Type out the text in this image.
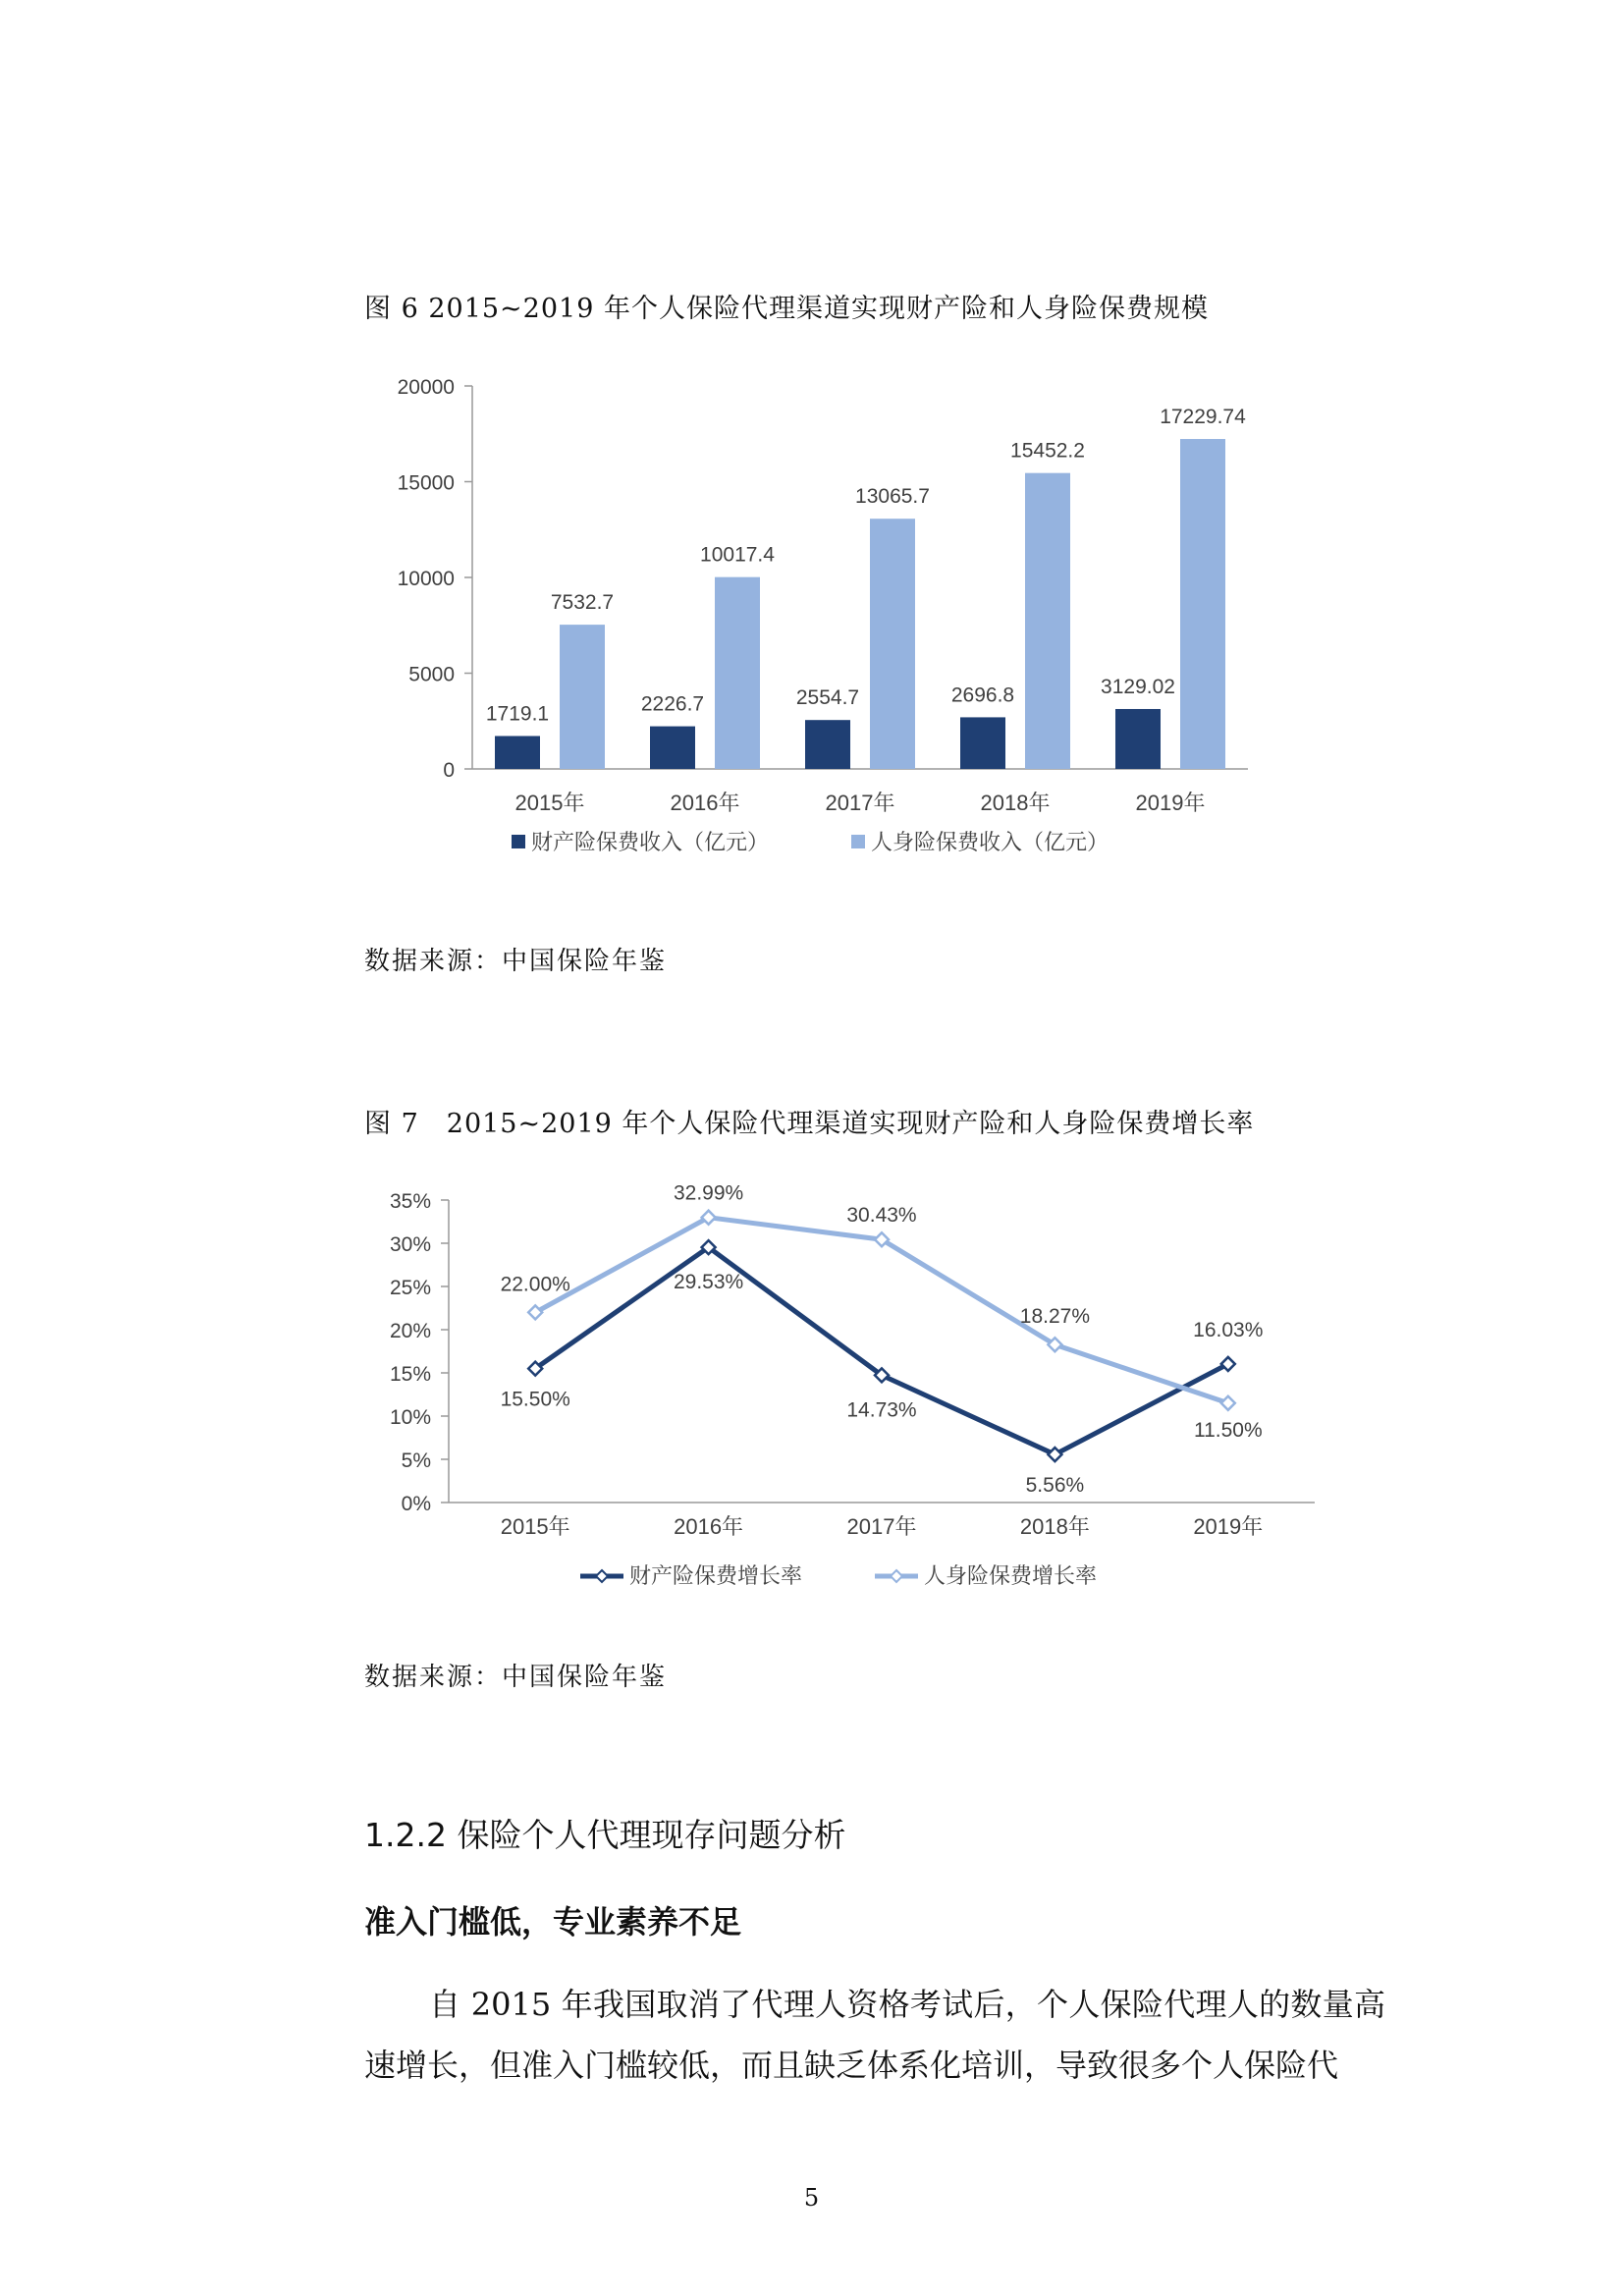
图 6 2015~2019 年个人保险代理渠道实现财产险和人身险保费规模
0
5000
10000
15000
20000
2015年
1719.1
7532.7
2016年
2226.7
10017.4
2017年
2554.7
13065.7
2018年
2696.8
15452.2
2019年
3129.02
17229.74
财产险保费收入（亿元）	人身险保费收入（亿元）
数据来源：中国保险年鉴
图 7　2015~2019 年个人保险代理渠道实现财产险和人身险保费增长率
0%
5%
10%
15%
20%
25%
30%
35%
2015年	2016年	2017年	2018年	2019年
15.50%
29.53%
14.73%
5.56%
16.03%
22.00%
32.99%
30.43%
18.27%
11.50%
财产险保费增长率	人身险保费增长率
数据来源：中国保险年鉴
1.2.2 保险个人代理现存问题分析
准入门槛低，专业素养不足
自 2015 年我国取消了代理人资格考试后，个人保险代理人的数量高速增长，但准入门槛较低，而且缺乏体系化培训，导致很多个人保险代
5
